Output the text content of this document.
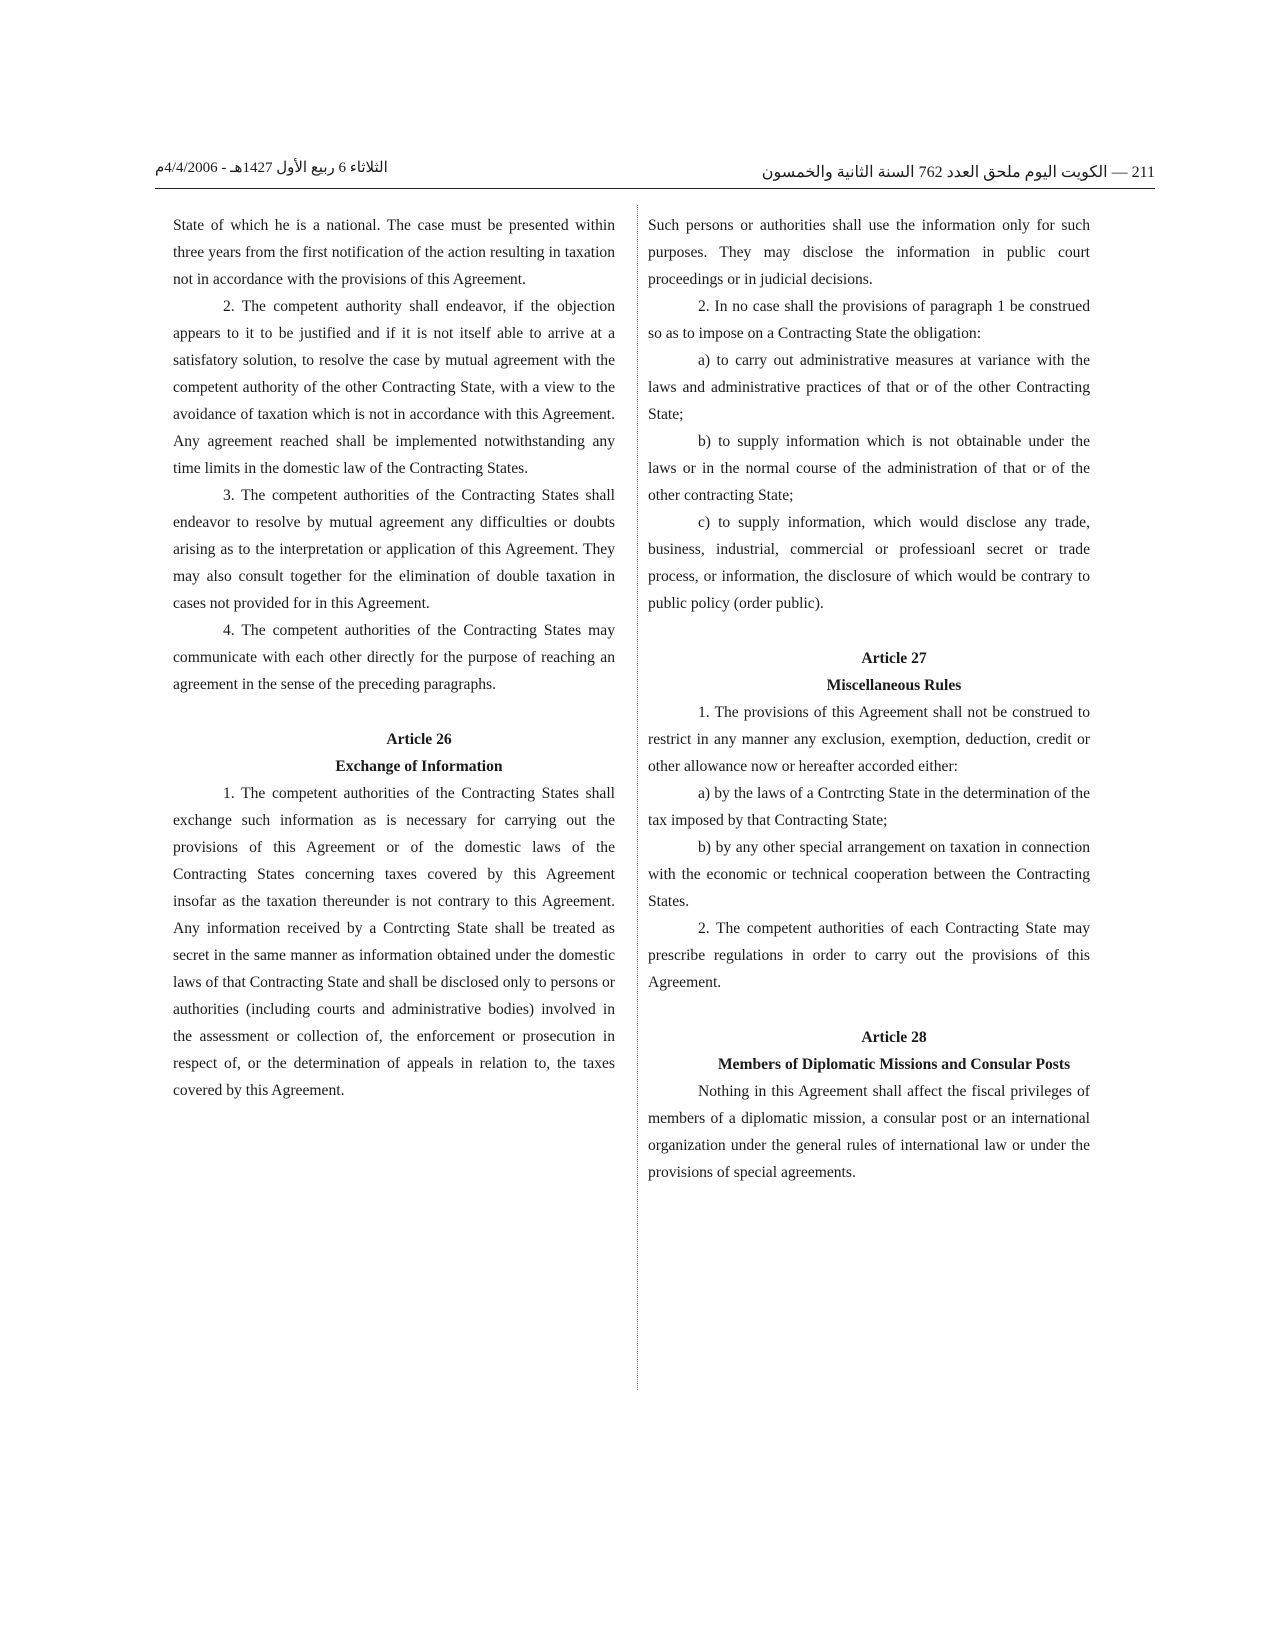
الثلاثاء 6 ربيع الأول 1427هـ - 4/4/2006م	211 — الكويت اليوم ملحق العدد 762 السنة الثانية والخمسون

State of which he is a national. The case must be presented within three years from the first notification of the action resulting in taxation not in accordance with the provisions of this Agreement.

2. The competent authority shall endeavor, if the objection appears to it to be justified and if it is not itself able to arrive at a satisfatory solution, to resolve the case by mutual agreement with the competent authority of the other Contracting State, with a view to the avoidance of taxation which is not in accordance with this Agreement. Any agreement reached shall be implemented notwithstanding any time limits in the domestic law of the Contracting States.

3. The competent authorities of the Contracting States shall endeavor to resolve by mutual agreement any difficulties or doubts arising as to the interpretation or application of this Agreement. They may also consult together for the elimination of double taxation in cases not provided for in this Agreement.

4. The competent authorities of the Contracting States may communicate with each other directly for the purpose of reaching an agreement in the sense of the preceding paragraphs.

Article 26

Exchange of Information

1. The competent authorities of the Contracting States shall exchange such information as is necessary for carrying out the provisions of this Agreement or of the domestic laws of the Contracting States concerning taxes covered by this Agreement insofar as the taxation thereunder is not contrary to this Agreement. Any information received by a Contrcting State shall be treated as secret in the same manner as information obtained under the domestic laws of that Contracting State and shall be disclosed only to persons or authorities (including courts and administrative bodies) involved in the assessment or collection of, the enforcement or prosecution in respect of, or the determination of appeals in relation to, the taxes covered by this Agreement.

Such persons or authorities shall use the information only for such purposes. They may disclose the information in public court proceedings or in judicial decisions.

2. In no case shall the provisions of paragraph 1 be construed so as to impose on a Contracting State the obligation:

a) to carry out administrative measures at variance with the laws and administrative practices of that or of the other Contracting State;

b) to supply information which is not obtainable under the laws or in the normal course of the administration of that or of the other contracting State;

c) to supply information, which would disclose any trade, business, industrial, commercial or professioanl secret or trade process, or information, the disclosure of which would be contrary to public policy (order public).

Article 27

Miscellaneous Rules

1. The provisions of this Agreement shall not be construed to restrict in any manner any exclusion, exemption, deduction, credit or other allowance now or hereafter accorded either:

a) by the laws of a Contrcting State in the determination of the tax imposed by that Contracting State;

b) by any other special arrangement on taxation in connection with the economic or technical cooperation between the Contracting States.

2. The competent authorities of each Contracting State may prescribe regulations in order to carry out the provisions of this Agreement.

Article 28

Members of Diplomatic Missions and Consular Posts

Nothing in this Agreement shall affect the fiscal privileges of members of a diplomatic mission, a consular post or an international organization under the general rules of international law or under the provisions of special agreements.
